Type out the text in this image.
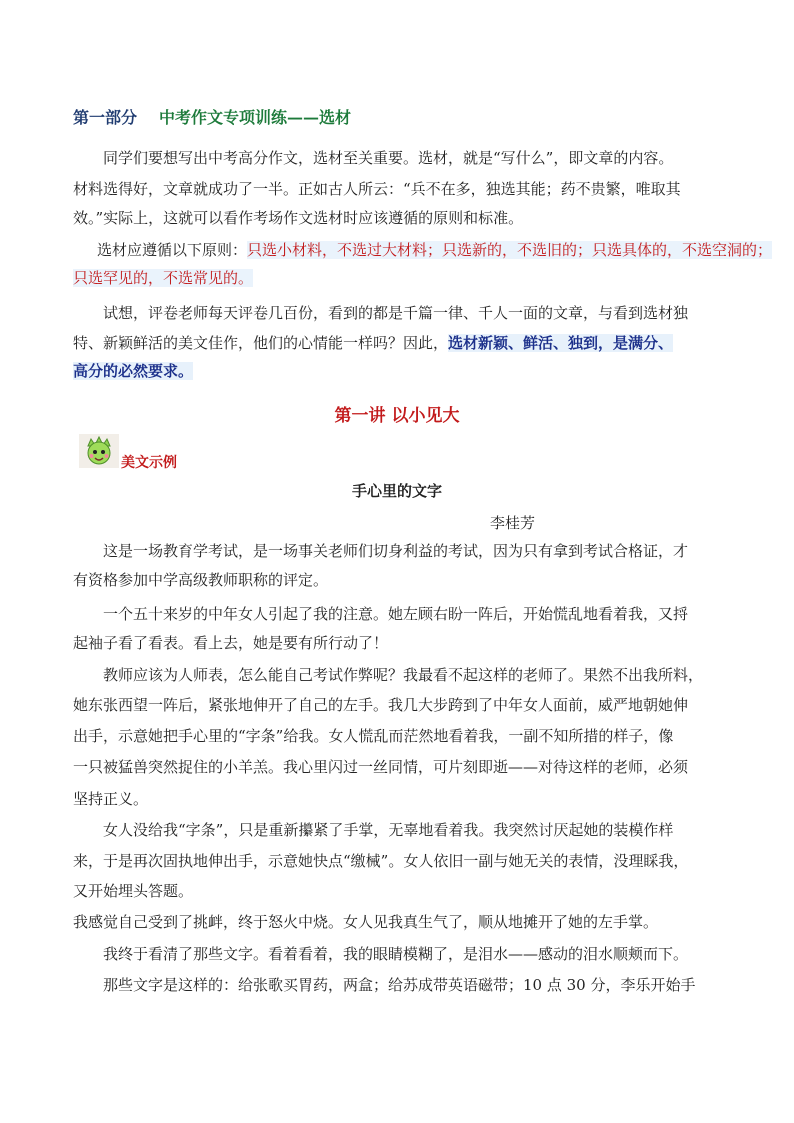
第一部分 中考作文专项训练——选材
同学们要想写出中考高分作文，选材至关重要。选材，就是“写什么”，即文章的内容。
材料选得好，文章就成功了一半。正如古人所云：“兵不在多，独选其能；药不贵繁，唯取其
效。”实际上，这就可以看作考场作文选材时应该遵循的原则和标准。
选材应遵循以下原则：只选小材料，不选过大材料；只选新的，不选旧的；只选具体的，不选空洞的；
只选罕见的，不选常见的。
试想，评卷老师每天评卷几百份，看到的都是千篇一律、千人一面的文章，与看到选材独
特、新颖鲜活的美文佳作，他们的心情能一样吗？因此，选材新颖、鲜活、独到，是满分、
高分的必然要求。
第一讲 以小见大
美文示例
手心里的文字
李桂芳
这是一场教育学考试，是一场事关老师们切身利益的考试，因为只有拿到考试合格证，才
有资格参加中学高级教师职称的评定。
一个五十来岁的中年女人引起了我的注意。她左顾右盼一阵后，开始慌乱地看着我，又捋
起袖子看了看表。看上去，她是要有所行动了！
教师应该为人师表，怎么能自己考试作弊呢？我最看不起这样的老师了。果然不出我所料，
她东张西望一阵后，紧张地伸开了自己的左手。我几大步跨到了中年女人面前，威严地朝她伸
出手，示意她把手心里的“字条”给我。女人慌乱而茫然地看着我，一副不知所措的样子，像
一只被猛兽突然捉住的小羊羔。我心里闪过一丝同情，可片刻即逝——对待这样的老师，必须
坚持正义。
女人没给我“字条”，只是重新攥紧了手掌，无辜地看着我。我突然讨厌起她的装模作样
来，于是再次固执地伸出手，示意她快点“缴械”。女人依旧一副与她无关的表情，没理睬我，
又开始埋头答题。
我感觉自己受到了挑衅，终于怒火中烧。女人见我真生气了，顺从地摊开了她的左手掌。
我终于看清了那些文字。看着看着，我的眼睛模糊了，是泪水——感动的泪水顺颊而下。
那些文字是这样的：给张歌买胃药，两盒；给苏成带英语磁带；10 点 30 分，李乐开始手
